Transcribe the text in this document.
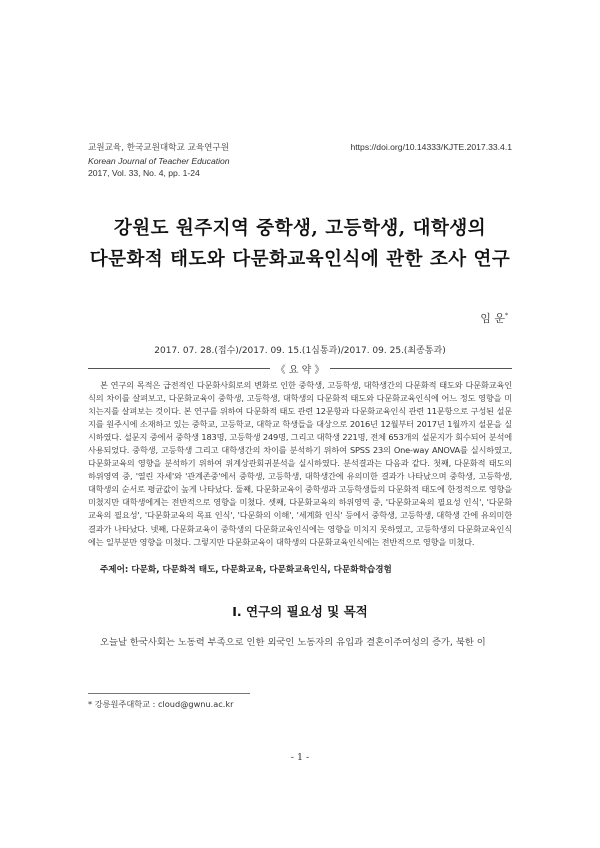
교원교육, 한국교원대학교 교육연구원
Korean Journal of Teacher Education
2017, Vol. 33, No. 4, pp. 1-24
https://doi.org/10.14333/KJTE.2017.33.4.1
강원도 원주지역 중학생, 고등학생, 대학생의
다문화적 태도와 다문화교육인식에 관한 조사 연구
임 운*
2017. 07. 28.(접수)/2017. 09. 15.(1심통과)/2017. 09. 25.(최종통과)
《 요 약 》
본 연구의 목적은 급전적인 다문화사회로의 변화로 인한 중학생, 고등학생, 대학생간의 다문화적 태도와 다문화교육인식의 차이를 살펴보고, 다문화교육이 중학생, 고등학생, 대학생의 다문화적 태도와 다문화교육인식에 어느 정도 영향을 미치는지를 살펴보는 것이다. 본 연구를 위하여 다문화적 태도 관련 12문항과 다문화교육인식 관련 11문항으로 구성된 설문지를 원주시에 소재하고 있는 중학교, 고등학교, 대학교 학생들을 대상으로 2016년 12월부터 2017년 1월까지 설문을 실시하였다. 설문지 중에서 중학생 183명, 고등학생 249명, 그리고 대학생 221명, 전체 653개의 설문지가 회수되어 분석에 사용되었다. 중학생, 고등학생 그리고 대학생간의 차이를 분석하기 위하여 SPSS 23의 One-way ANOVA를 실시하였고, 다문화교육의 영향을 분석하기 위하여 위계상관회귀분석을 실시하였다. 분석결과는 다음과 같다. 첫째, 다문화적 태도의 하위영역 중, '열린 자세'와 '관계존중'에서 중학생, 고등학생, 대학생간에 유의미한 결과가 나타났으며 중학생, 고등학생, 대학생의 순서로 평균값이 높게 나타났다. 둘째, 다문화교육이 중학생과 고등학생들의 다문화적 태도에 한정적으로 영향을 미쳤지만 대학생에게는 전반적으로 영향을 미쳤다. 셋째, 다문화교육의 하위영역 중, '다문화교육의 필요성 인식', '다문화교육의 필요성', '다문화교육의 목표 인식', '다문화의 이해', '세계화 인식' 등에서 중학생, 고등학생, 대학생 간에 유의미한 결과가 나타났다. 넷째, 다문화교육이 중학생의 다문화교육인식에는 영향을 미치지 못하였고, 고등학생의 다문화교육인식에는 일부분만 영향을 미쳤다. 그렇지만 다문화교육이 대학생의 다문화교육인식에는 전반적으로 영향을 미쳤다.
주제어: 다문화, 다문화적 태도, 다문화교육, 다문화교육인식, 다문화학습경험
Ⅰ. 연구의 필요성 및 목적
오늘날 한국사회는 노동력 부족으로 인한 외국인 노동자의 유입과 결혼이주여성의 증가, 북한 이
* 강릉원주대학교 : cloud@gwnu.ac.kr
- 1 -
